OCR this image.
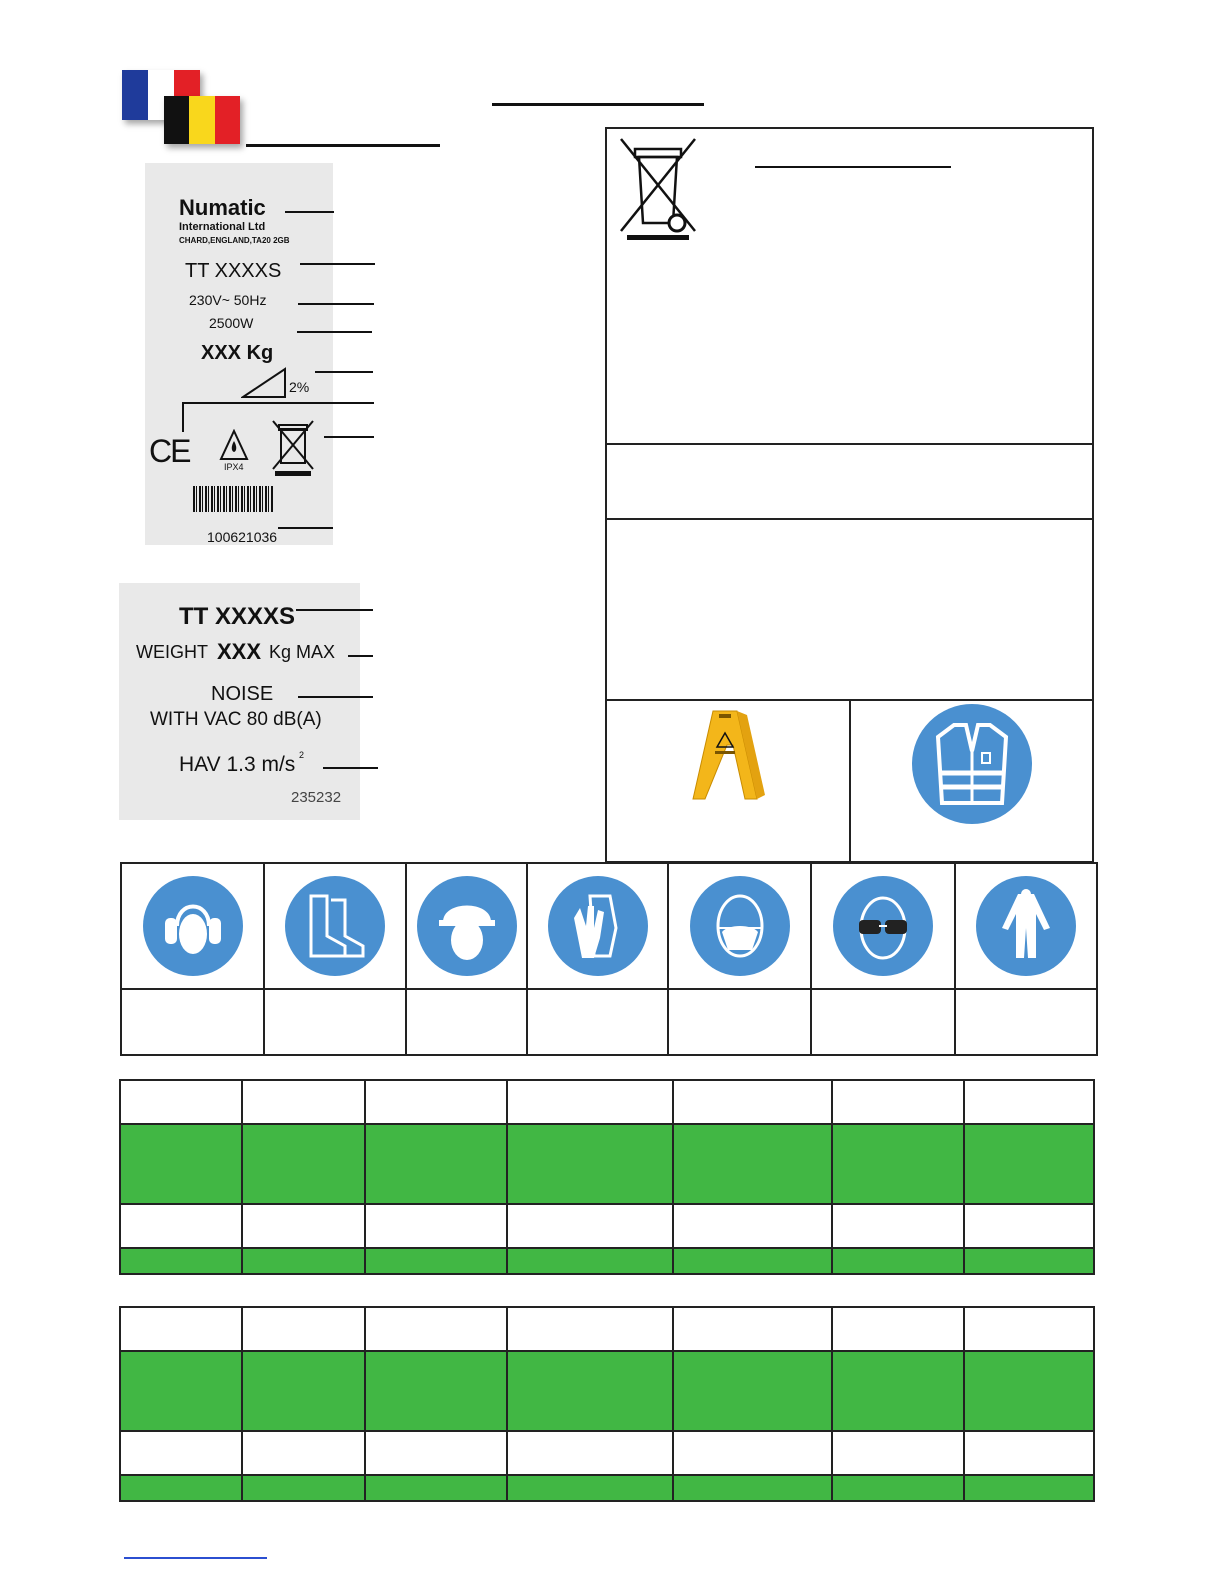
Numatic
International Ltd
CHARD,ENGLAND,TA20 2GB
TT XXXXS
230V~ 50Hz
2500W
XXX Kg
2%
CE	IPX4
100621036
TT XXXXS
WEIGHT XXX Kg MAX
NOISE
WITH VAC 80 dB(A)
HAV 1.3 m/s 2
235232
